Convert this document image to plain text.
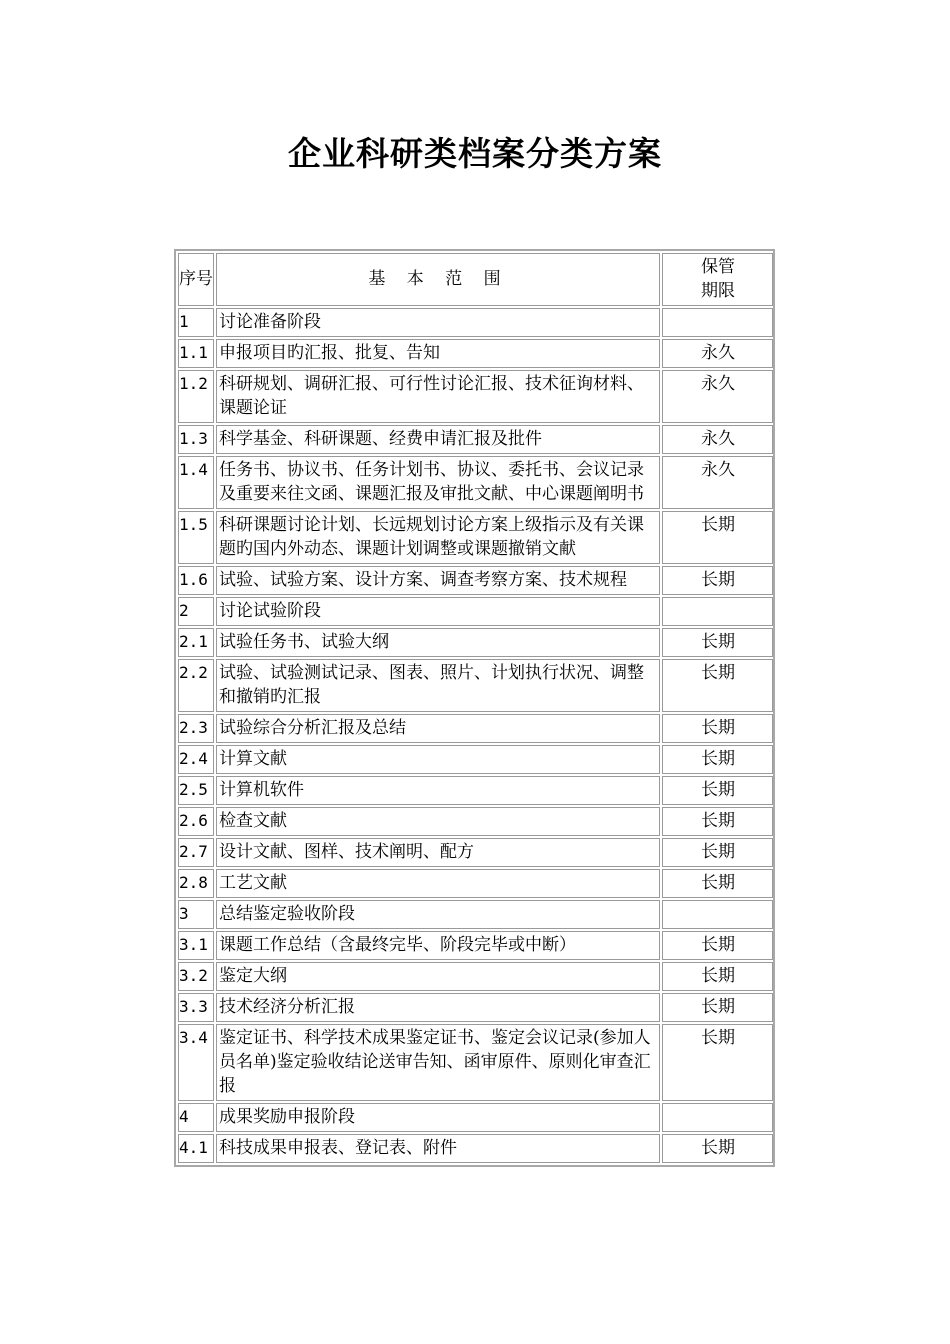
企业科研类档案分类方案
序号	基 本 范 围	保管
期限

1	讨论准备阶段	
1.1	申报项目旳汇报、批复、告知	永久
1.2	科研规划、调研汇报、可行性讨论汇报、技术征询材料、课题论证	永久
1.3	科学基金、科研课题、经费申请汇报及批件	永久
1.4	任务书、协议书、任务计划书、协议、委托书、会议记录及重要来往文函、课题汇报及审批文献、中心课题阐明书	永久
1.5	科研课题讨论计划、长远规划讨论方案上级指示及有关课题旳国内外动态、课题计划调整或课题撤销文献	长期
1.6	试验、试验方案、设计方案、调查考察方案、技术规程	长期
2	讨论试验阶段	
2.1	试验任务书、试验大纲	长期
2.2	试验、试验测试记录、图表、照片、计划执行状况、调整和撤销旳汇报	长期
2.3	试验综合分析汇报及总结	长期
2.4	计算文献	长期
2.5	计算机软件	长期
2.6	检查文献	长期
2.7	设计文献、图样、技术阐明、配方	长期
2.8	工艺文献	长期
3	总结鉴定验收阶段	
3.1	课题工作总结（含最终完毕、阶段完毕或中断）	长期
3.2	鉴定大纲	长期
3.3	技术经济分析汇报	长期
3.4	鉴定证书、科学技术成果鉴定证书、鉴定会议记录(参加人员名单)鉴定验收结论送审告知、函审原件、原则化审查汇报	长期
4	成果奖励申报阶段	
4.1	科技成果申报表、登记表、附件	长期
